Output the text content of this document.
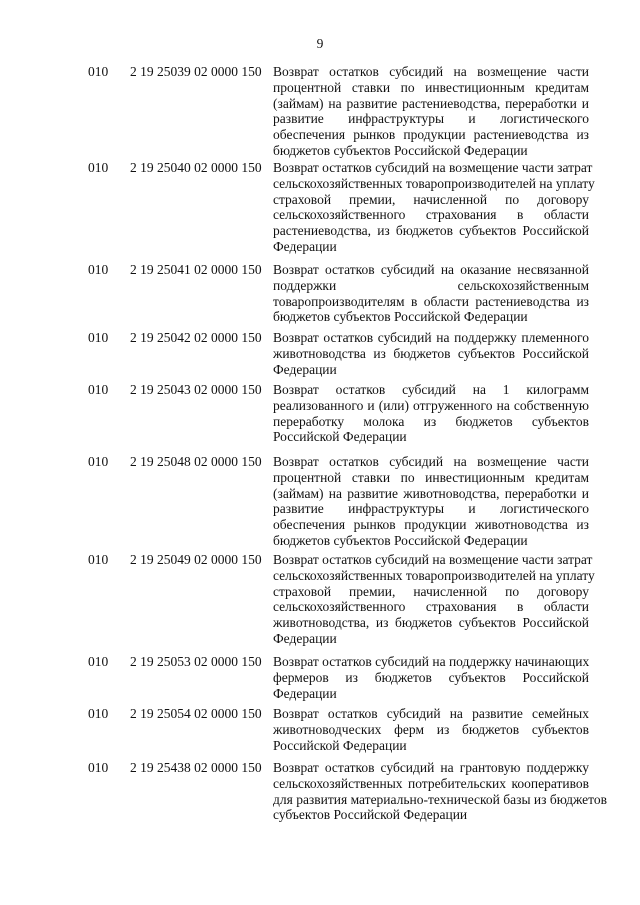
9
010	2 19 25039 02 0000 150 Возврат остатков субсидий на возмещение части
процентной ставки по инвестиционным кредитам
(займам) на развитие растениеводства, переработки и
развитие инфраструктуры и логистического
обеспечения рынков продукции растениеводства из
бюджетов субъектов Российской Федерации
010	2 19 25040 02 0000 150 Возврат остатков субсидий на возмещение части затрат
сельскохозяйственных товаропроизводителей на уплату
страховой премии, начисленной по договору
сельскохозяйственного страхования в области
растениеводства, из бюджетов субъектов Российской
Федерации
010	2 19 25041 02 0000 150 Возврат остатков субсидий на оказание несвязанной
поддержки сельскохозяйственным
товаропроизводителям в области растениеводства из
бюджетов субъектов Российской Федерации
010	2 19 25042 02 0000 150 Возврат остатков субсидий на поддержку племенного
животноводства из бюджетов субъектов Российской
Федерации
010	2 19 25043 02 0000 150 Возврат остатков субсидий на 1 килограмм
реализованного и (или) отгруженного на собственную
переработку молока из бюджетов субъектов
Российской Федерации
010	2 19 25048 02 0000 150 Возврат остатков субсидий на возмещение части
процентной ставки по инвестиционным кредитам
(займам) на развитие животноводства, переработки и
развитие инфраструктуры и логистического
обеспечения рынков продукции животноводства из
бюджетов субъектов Российской Федерации
010	2 19 25049 02 0000 150 Возврат остатков субсидий на возмещение части затрат
сельскохозяйственных товаропроизводителей на уплату
страховой премии, начисленной по договору
сельскохозяйственного страхования в области
животноводства, из бюджетов субъектов Российской
Федерации
010	2 19 25053 02 0000 150 Возврат остатков субсидий на поддержку начинающих
фермеров из бюджетов субъектов Российской
Федерации
010	2 19 25054 02 0000 150 Возврат остатков субсидий на развитие семейных
животноводческих ферм из бюджетов субъектов
Российской Федерации
010	2 19 25438 02 0000 150 Возврат остатков субсидий на грантовую поддержку
сельскохозяйственных потребительских кооперативов
для развития материально-технической базы из бюджетов
субъектов Российской Федерации
